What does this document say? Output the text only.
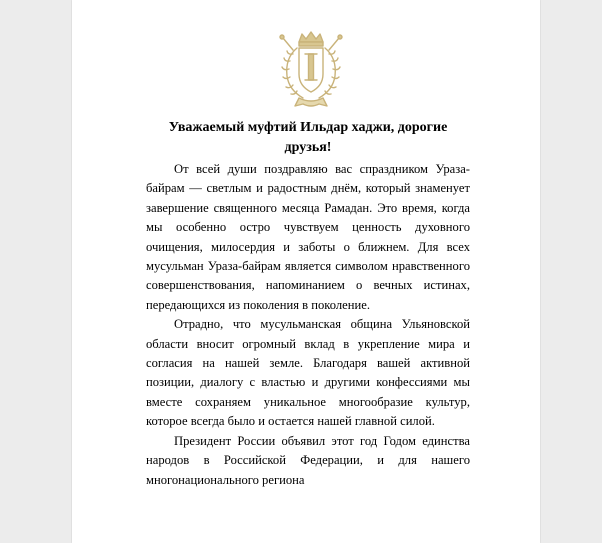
Уважаемый муфтий Ильдар хаджи, дорогие друзья!

От всей души поздравляю вас спраздником Ураза-байрам — светлым и радостным днём, который знаменует завершение священного месяца Рамадан. Это время, когда мы особенно остро чувствуем ценность духовного очищения, милосердия и заботы о ближнем. Для всех мусульман Ураза-байрам является символом нравственного совершенствования, напоминанием о вечных истинах, передающихся из поколения в поколение.

Отрадно, что мусульманская община Ульяновской области вносит огромный вклад в укрепление мира и согласия на нашей земле. Благодаря вашей активной позиции, диалогу с властью и другими конфессиями мы вместе сохраняем уникальное многообразие культур, которое всегда было и остается нашей главной силой.

Президент России объявил этот год Годом единства народов в Российской Федерации, и для нашего многонационального региона
